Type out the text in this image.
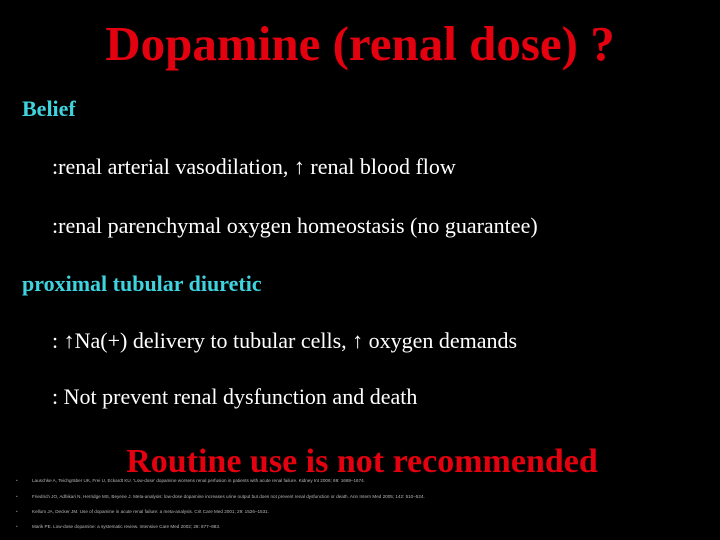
Dopamine (renal dose) ?
Belief
:renal arterial vasodilation, ↑ renal blood flow
:renal parenchymal oxygen homeostasis (no guarantee)
proximal tubular diuretic
: ↑Na(+) delivery to tubular cells, ↑ oxygen demands
: Not prevent renal dysfunction and death
Routine use is not recommended
•	Lauschke A, Teichgräber UK, Frei U, Eckardt KU. ‘Low-dose’ dopamine worsens renal perfusion in patients with acute renal failure. Kidney Int 2006; 69: 1669–1674.
•	Friedrich JO, Adhikari N, Herridge MS, Beyene J. Meta-analysis: low-dose dopamine increases urine output but does not prevent renal dysfunction or death. Ann Intern Med 2005; 142: 510–524.
•	Kellum JA, Decker JM. Use of dopamine in acute renal failure: a meta-analysis. Crit Care Med 2001; 29: 1526–1531.
•	Marik PE. Low-dose dopamine: a systematic review. Intensive Care Med 2002; 28: 877–883.
